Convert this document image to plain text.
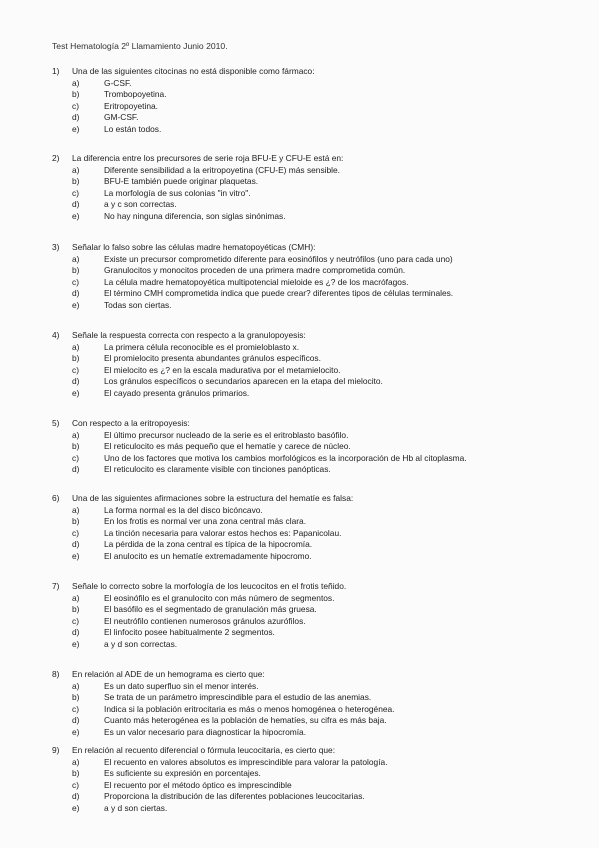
Test Hematología 2º Llamamiento Junio 2010.
1)	Una de las siguientes citocinas no está disponible como fármaco:
a)	G-CSF.
b)	Trombopoyetina.
c)	Eritropoyetina.
d)	GM-CSF.
e)	Lo están todos.
2)	La diferencia entre los precursores de serie roja BFU-E y CFU-E está en:
a)	Diferente sensibilidad a la eritropoyetina (CFU-E) más sensible.
b)	BFU-E también puede originar plaquetas.
c)	La morfología de sus colonias "in vitro".
d)	a y c son correctas.
e)	No hay ninguna diferencia, son siglas sinónimas.
3)	Señalar lo falso sobre las células madre hematopoyéticas (CMH):
a)	Existe un precursor comprometido diferente para eosinófilos y neutrófilos (uno para cada uno)
b)	Granulocitos y monocitos proceden de una primera madre comprometida común.
c)	La célula madre hematopoyética multipotencial mieloide es ¿? de los macrófagos.
d)	El término CMH comprometida indica que puede crear? diferentes tipos de células terminales.
e)	Todas son ciertas.
4)	Señale la respuesta correcta con respecto a la granulopoyesis:
a)	La primera célula reconocible es el promieloblasto x.
b)	El promielocito presenta abundantes gránulos específicos.
c)	El mielocito es ¿? en la escala madurativa por el metamielocito.
d)	Los gránulos específicos o secundarios aparecen en la etapa del mielocito.
e)	El cayado presenta gránulos primarios.
5)	Con respecto a la eritropoyesis:
a)	El último precursor nucleado de la serie es el eritroblasto basófilo.
b)	El reticulocito es más pequeño que el hematíe y carece de núcleo.
c)	Uno de los factores que motiva los cambios morfológicos es la incorporación de Hb al citoplasma.
d)	El reticulocito es claramente visible con tinciones panópticas.
6)	Una de las siguientes afirmaciones sobre la estructura del hematíe es falsa:
a)	La forma normal es la del disco bicóncavo.
b)	En los frotis es normal ver una zona central más clara.
c)	La tinción necesaria para valorar estos hechos es: Papanicolau.
d)	La pérdida de la zona central es típica de la hipocromía.
e)	El anulocito es un hematíe extremadamente hipocromo.
7)	Señale lo correcto sobre la morfología de los leucocitos en el frotis teñido.
a)	El eosinófilo es el granulocito con más número de segmentos.
b)	El basófilo es el segmentado de granulación más gruesa.
c)	El neutrófilo contienen numerosos gránulos azurófilos.
d)	El linfocito posee habitualmente 2 segmentos.
e)	a y d son correctas.
8)	En relación al ADE de un hemograma es cierto que:
a)	Es un dato superfluo sin el menor interés.
b)	Se trata de un parámetro imprescindible para el estudio de las anemias.
c)	Indica si la población eritrocitaria es más o menos homogénea o heterogénea.
d)	Cuanto más heterogénea es la población de hematíes, su cifra es más baja.
e)	Es un valor necesario para diagnosticar la hipocromía.
9)	En relación al recuento diferencial o fórmula leucocitaria, es cierto que:
a)	El recuento en valores absolutos es imprescindible para valorar la patología.
b)	Es suficiente su expresión en porcentajes.
c)	El recuento por el método óptico es imprescindible
d)	Proporciona la distribución de las diferentes poblaciones leucocitarias.
e)	a y d son ciertas.
